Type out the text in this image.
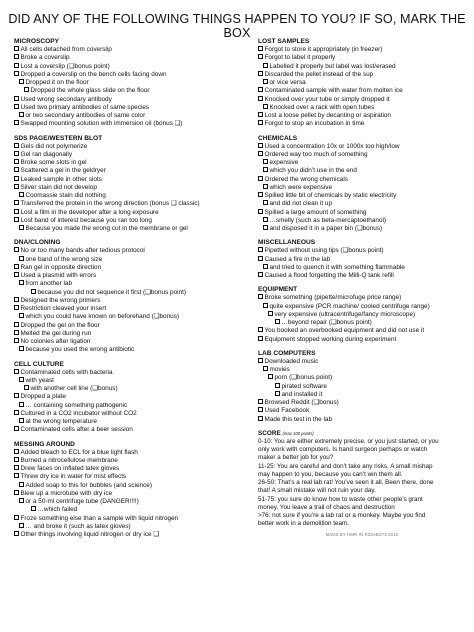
DID ANY OF THE FOLLOWING THINGS HAPPEN TO YOU? IF SO, MARK THE BOX
MICROSCOPY
All cells detached from coverslip
Broke a coverslip
Lost a coverslip (❑bonus point)
Dropped a coverslip on the bench cells facing down
Dropped it on the floor
Dropped the whole glass slide on the floor
Used wrong secondary antibody
Used two primary antibodies of same species
or two secondary antibodies of same color
Swapped mounting solution with immersion oil (bonus ❑)
SDS PAGE/WESTERN BLOT
Gels did not polymerize
Gel ran diagonally
Broke some slots in gel
Scattered a gel in the geldryer
Leaked sample in other slots
Silver stain did not develop
Coomassie stain did nothing
Transferred the protein in the wrong direction (bonus ❑ classic)
Lost a film in the developer after a long exposure
Lost band of interest because you ran too long
Because you made the wrong cut in the membrane or gel
DNA/CLONING
No or too many bands after tedious protocol
one band of the wrong size
Ran gel in opposite direction
Used a plasmid with errors
from another lab
because you did not sequence it first (❑bonus point)
Designed the wrong primers
Restriction cleaved your insert
which you could have known on beforehand (❑bonus)
Dropped the gel on the floor
Melted the gel during run
No colonies after ligation
because you used the wrong antibiotic
CELL CULTURE
Contaminated cells with bacteria
with yeast
with another cell line (❑bonus)
Dropped a plate
… containing something pathogenic
Cultured in a CO2 incubator without CO2
at the wrong temperature
Contaminated cells after a beer session
MESSING AROUND
Added bleach to ECL for a blue light flash
Burned a nitrocellulose membrane
Drew faces on inflated latex gloves
Threw dry ice in water for mist effects
Added soap to this for bubbles (and science)
Blew up a microtube with dry ice
or a 50-ml centrifuge tube (DANGER!!!!)
…which failed
Froze something else than a sample with liquid nitrogen
… and broke it (such as latex gloves)
Other things involving liquid nitrogen or dry ice ❑
LOST SAMPLES
Forgot to store it appropriately (in freezer)
Forgot to label it properly
Labelled it properly but label was lost/erased
Discarded the pellet instead of the sup
or vice versa
Contaminated sample with water from molten ice
Knocked over your tube or simply dropped it
Knocked over a rack with open tubes
Lost a loose pellet by decanting or aspiration
Forgot to stop an incubation in time
CHEMICALS
Used a concentration 10x or 1000x too high/low
Ordered way too much of something
expensive
which you didn’t use in the end
Ordered the wrong chemicals
which were expensive
Spilled little bit of chemicals by static electricity
and did not clean it up
Spilled a large amount of something
…smelly (such as beta-mercaptoethanol)
and disposed it in a paper bin (❑bonus)
MISCELLANEOUS
Pipetted without using tips (❑bonus point)
Caused a fire in the lab
and tried to quench it with something flammable
Caused a flood forgetting the Milli-Q tank refill
EQUIPMENT
Broke something (pipette/microfuge price range)
quite expensive (PCR machine/ cooled centrifuge range)
very expensive (ultracentrifuge/fancy microscope)
…beyond repair (❑bonus point)
You booked an overbooked equipment and did not use it
Equipment stopped working during experiment
LAB COMPUTERS
Downloaded music
movies
porn (❑bonus point)
pirated software
and installed it
Browsed Reddit (❑bonus)
Used Facebook
Made this test in the lab
SCORE (max 100 points)
0-10: You are either extremely precise, or you just started, or you
only work with computers. Is hand surgeon perhaps or watch
maker a better job for you?
11-25: You are careful and don’t take any risks. A small mishap
may happen to you, because you can’t win them all.
26-50: That’s a real lab rat! You’ve seen it all. Been there, done
that! A small mistake will not ruin your day.
51-75: you sure do know how to waste other people’s grant
money. You leave a trail of chaos and destruction
>76: not sure if you’re a lab rat or a monkey. Maybe you find
better work in a demolition team.
MADE BY HMR IN R33ABS73 2012
